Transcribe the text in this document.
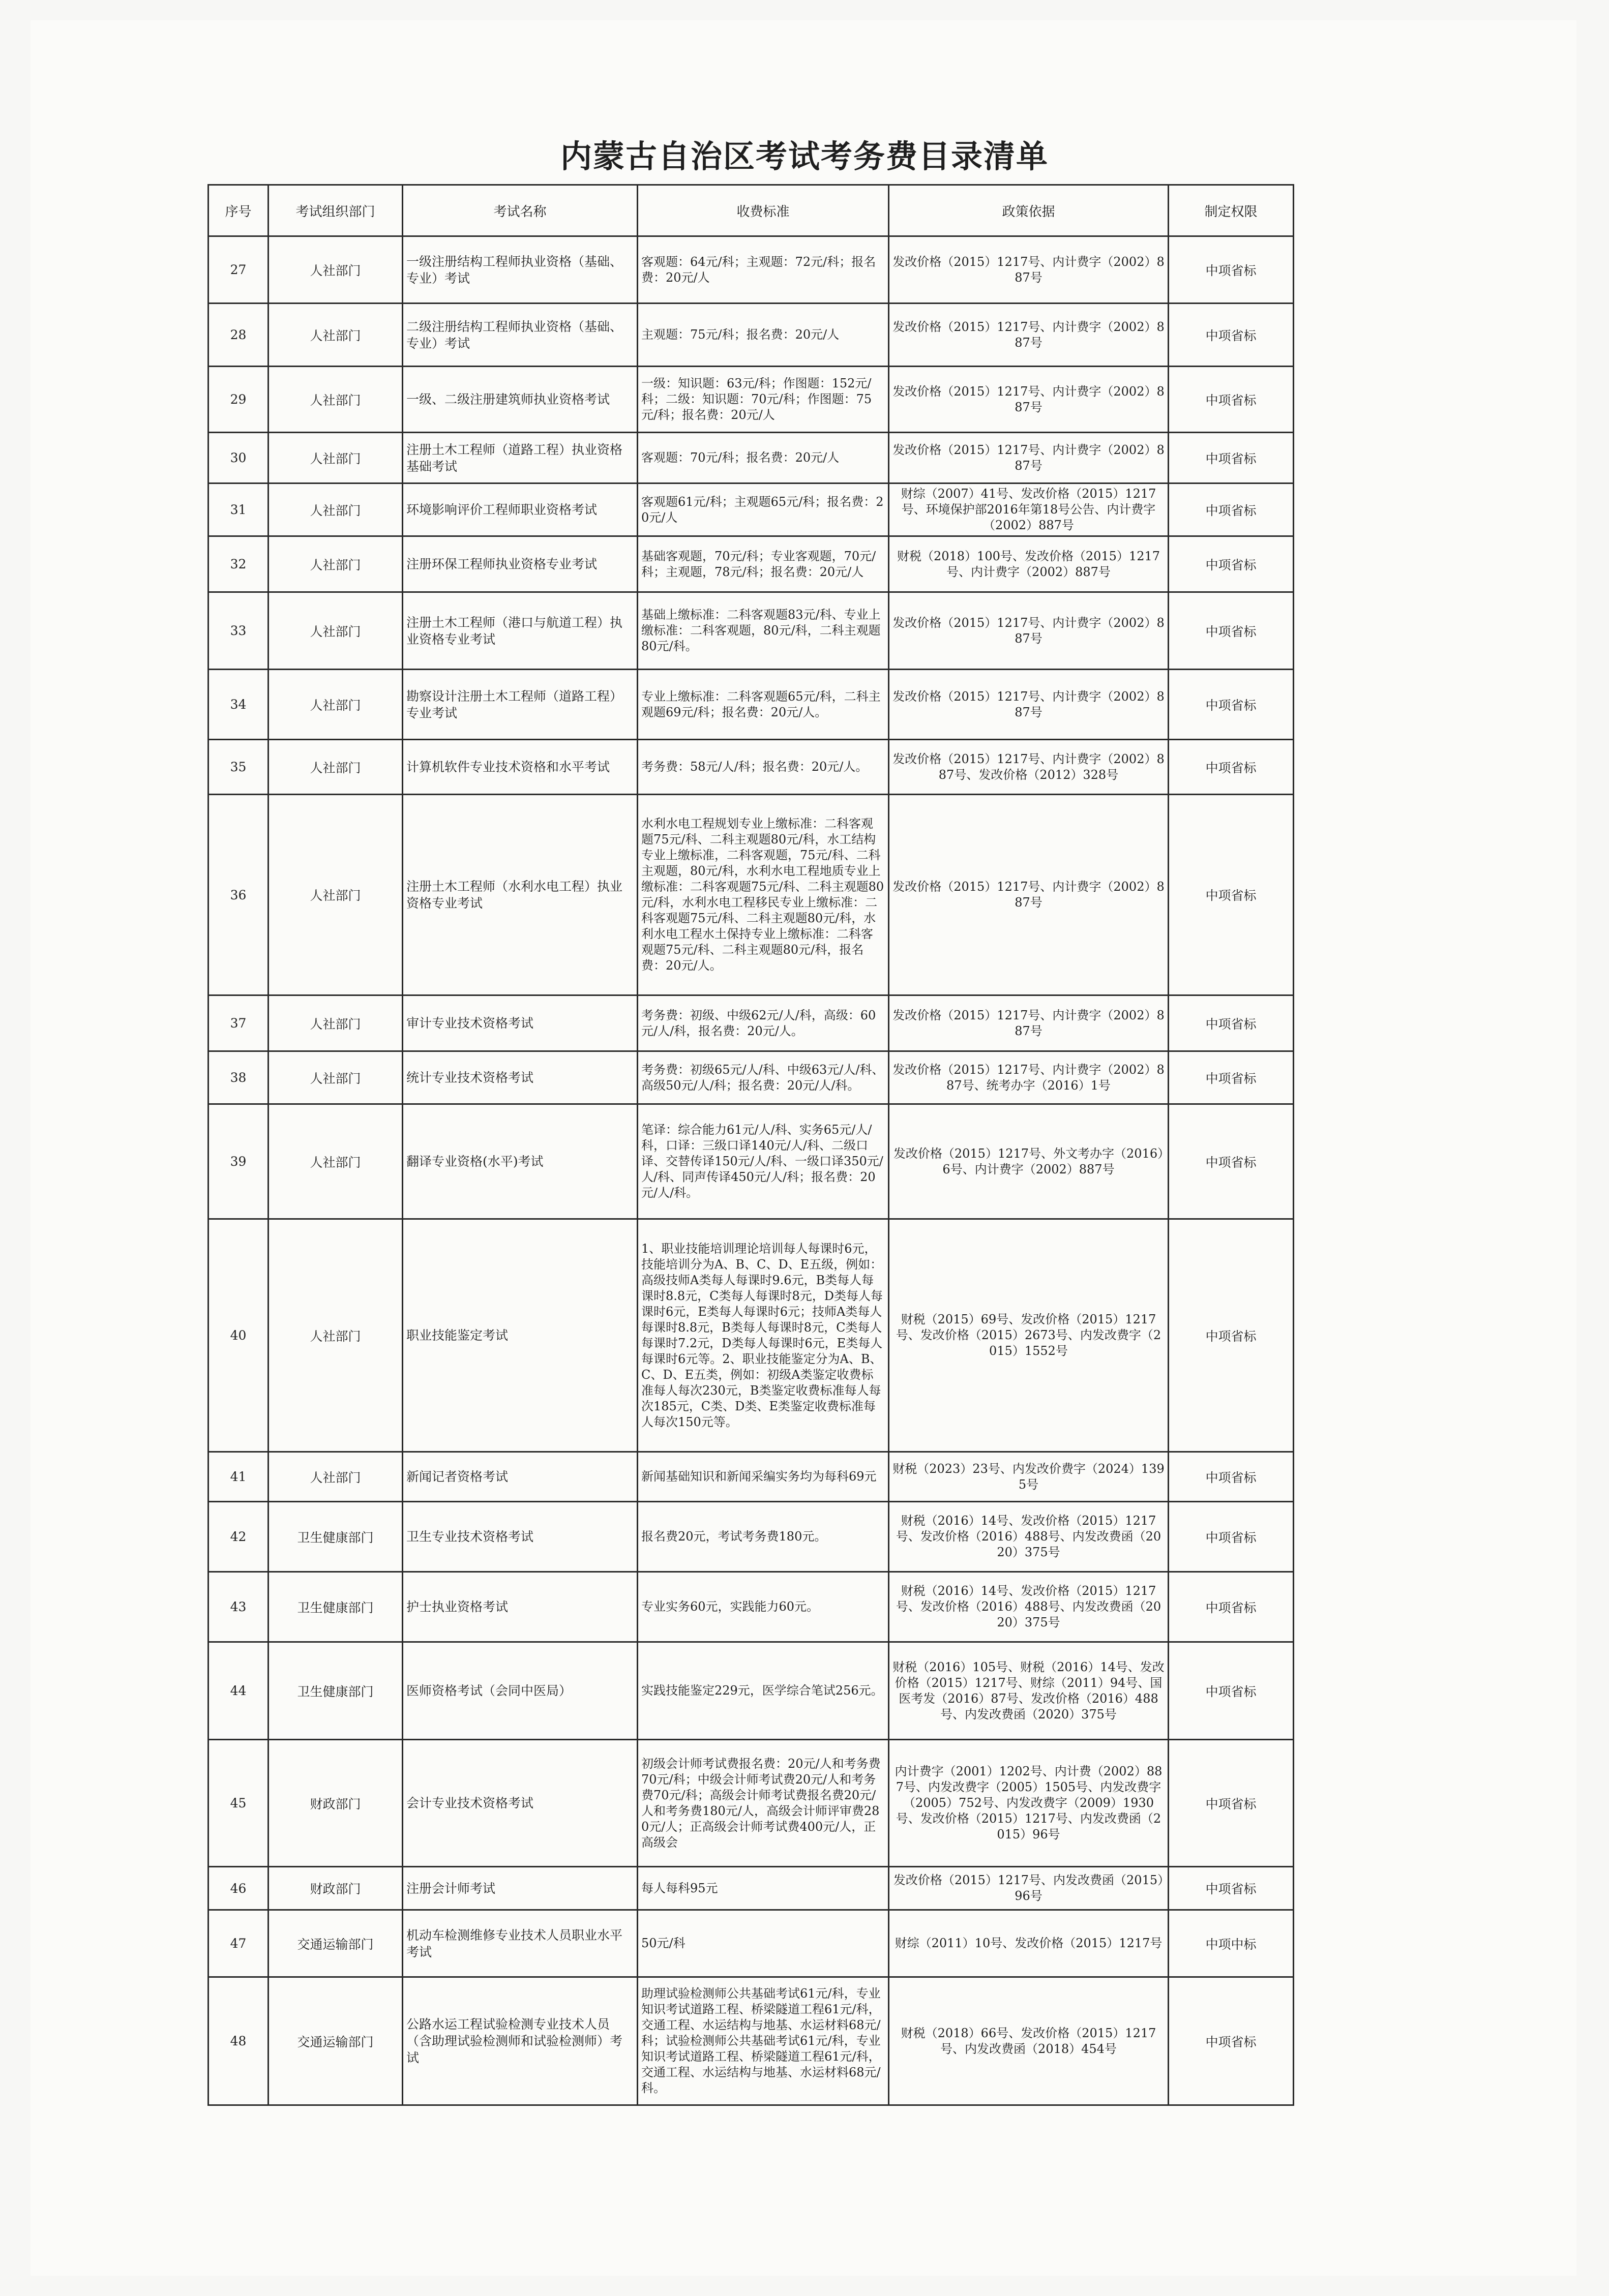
内蒙古自治区考试考务费目录清单
序号	考试组织部门	考试名称	收费标准	政策依据	制定权限
27	人社部门	一级注册结构工程师执业资格（基础、专业）考试	客观题：64元/科；主观题：72元/科；报名费：20元/人	发改价格（2015）1217号、内计费字（2002）887号	中项省标
28	人社部门	二级注册结构工程师执业资格（基础、专业）考试	主观题：75元/科；报名费：20元/人	发改价格（2015）1217号、内计费字（2002）887号	中项省标
29	人社部门	一级、二级注册建筑师执业资格考试	一级：知识题：63元/科；作图题：152元/科；二级：知识题：70元/科；作图题：75元/科；报名费：20元/人	发改价格（2015）1217号、内计费字（2002）887号	中项省标
30	人社部门	注册土木工程师（道路工程）执业资格基础考试	客观题：70元/科；报名费：20元/人	发改价格（2015）1217号、内计费字（2002）887号	中项省标
31	人社部门	环境影响评价工程师职业资格考试	客观题61元/科；主观题65元/科；报名费：20元/人	财综（2007）41号、发改价格（2015）1217号、环境保护部2016年第18号公告、内计费字（2002）887号	中项省标
32	人社部门	注册环保工程师执业资格专业考试	基础客观题，70元/科；专业客观题，70元/科；主观题，78元/科；报名费：20元/人	财税（2018）100号、发改价格（2015）1217号、内计费字（2002）887号	中项省标
33	人社部门	注册土木工程师（港口与航道工程）执业资格专业考试	基础上缴标准：二科客观题83元/科、专业上缴标准：二科客观题，80元/科，二科主观题80元/科。	发改价格（2015）1217号、内计费字（2002）887号	中项省标
34	人社部门	勘察设计注册土木工程师（道路工程）专业考试	专业上缴标准：二科客观题65元/科，二科主观题69元/科；报名费：20元/人。	发改价格（2015）1217号、内计费字（2002）887号	中项省标
35	人社部门	计算机软件专业技术资格和水平考试	考务费：58元/人/科；报名费：20元/人。	发改价格（2015）1217号、内计费字（2002）887号、发改价格（2012）328号	中项省标
36	人社部门	注册土木工程师（水利水电工程）执业资格专业考试	水利水电工程规划专业上缴标准：二科客观题75元/科、二科主观题80元/科，水工结构专业上缴标准，二科客观题，75元/科、二科主观题，80元/科，水利水电工程地质专业上缴标准：二科客观题75元/科、二科主观题80元/科，水利水电工程移民专业上缴标准：二科客观题75元/科、二科主观题80元/科，水利水电工程水土保持专业上缴标准：二科客观题75元/科、二科主观题80元/科，报名费：20元/人。	发改价格（2015）1217号、内计费字（2002）887号	中项省标
37	人社部门	审计专业技术资格考试	考务费：初级、中级62元/人/科，高级：60元/人/科，报名费：20元/人。	发改价格（2015）1217号、内计费字（2002）887号	中项省标
38	人社部门	统计专业技术资格考试	考务费：初级65元/人/科、中级63元/人/科、高级50元/人/科；报名费：20元/人/科。	发改价格（2015）1217号、内计费字（2002）887号、统考办字（2016）1号	中项省标
39	人社部门	翻译专业资格(水平)考试	笔译：综合能力61元/人/科、实务65元/人/科，口译：三级口译140元/人/科、二级口译、交替传译150元/人/科、一级口译350元/人/科、同声传译450元/人/科；报名费：20元/人/科。	发改价格（2015）1217号、外文考办字（2016）6号、内计费字（2002）887号	中项省标
40	人社部门	职业技能鉴定考试	1、职业技能培训理论培训每人每课时6元，技能培训分为A、B、C、D、E五级，例如：高级技师A类每人每课时9.6元，B类每人每课时8.8元，C类每人每课时8元，D类每人每课时6元，E类每人每课时6元；技师A类每人每课时8.8元，B类每人每课时8元，C类每人每课时7.2元，D类每人每课时6元，E类每人每课时6元等。2、职业技能鉴定分为A、B、C、D、E五类，例如：初级A类鉴定收费标准每人每次230元，B类鉴定收费标准每人每次185元，C类、D类、E类鉴定收费标准每人每次150元等。	财税（2015）69号、发改价格（2015）1217号、发改价格（2015）2673号、内发改费字（2015）1552号	中项省标
41	人社部门	新闻记者资格考试	新闻基础知识和新闻采编实务均为每科69元	财税（2023）23号、内发改价费字（2024）1395号	中项省标
42	卫生健康部门	卫生专业技术资格考试	报名费20元，考试考务费180元。	财税（2016）14号、发改价格（2015）1217号、发改价格（2016）488号、内发改费函（2020）375号	中项省标
43	卫生健康部门	护士执业资格考试	专业实务60元，实践能力60元。	财税（2016）14号、发改价格（2015）1217号、发改价格（2016）488号、内发改费函（2020）375号	中项省标
44	卫生健康部门	医师资格考试（会同中医局）	实践技能鉴定229元，医学综合笔试256元。	财税（2016）105号、财税（2016）14号、发改价格（2015）1217号、财综（2011）94号、国医考发（2016）87号、发改价格（2016）488号、内发改费函（2020）375号	中项省标
45	财政部门	会计专业技术资格考试	初级会计师考试费报名费：20元/人和考务费70元/科；中级会计师考试费20元/人和考务费70元/科；高级会计师考试费报名费20元/人和考务费180元/人，高级会计师评审费280元/人；正高级会计师考试费400元/人，正高级会	内计费字（2001）1202号、内计费（2002）887号、内发改费字（2005）1505号、内发改费字（2005）752号、内发改费字（2009）1930号、发改价格（2015）1217号、内发改费函（2015）96号	中项省标
46	财政部门	注册会计师考试	每人每科95元	发改价格（2015）1217号、内发改费函（2015）96号	中项省标
47	交通运输部门	机动车检测维修专业技术人员职业水平考试	50元/科	财综（2011）10号、发改价格（2015）1217号	中项中标
48	交通运输部门	公路水运工程试验检测专业技术人员（含助理试验检测师和试验检测师）考试	助理试验检测师公共基础考试61元/科，专业知识考试道路工程、桥梁隧道工程61元/科，交通工程、水运结构与地基、水运材料68元/科；试验检测师公共基础考试61元/科，专业知识考试道路工程、桥梁隧道工程61元/科，交通工程、水运结构与地基、水运材料68元/科。	财税（2018）66号、发改价格（2015）1217号、内发改费函（2018）454号	中项省标
